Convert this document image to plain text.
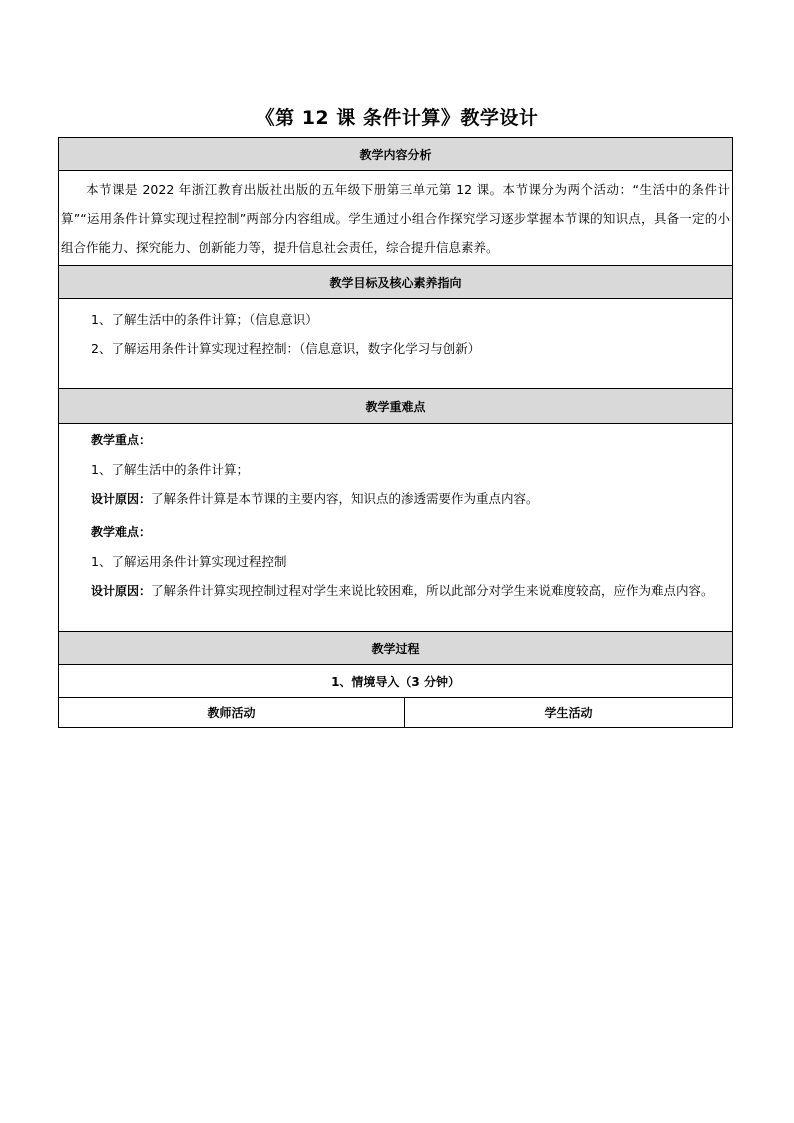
《第 12 课 条件计算》教学设计
教学内容分析

本节课是 2022 年浙江教育出版社出版的五年级下册第三单元第 12 课。本节课分为两个活动：“生活中的条件计算”“运用条件计算实现过程控制”两部分内容组成。学生通过小组合作探究学习逐步掌握本节课的知识点，具备一定的小组合作能力、探究能力、创新能力等，提升信息社会责任，综合提升信息素养。

教学目标及核心素养指向

1、了解生活中的条件计算；（信息意识）
2、了解运用条件计算实现过程控制：（信息意识，数字化学习与创新）

教学重难点

教学重点：
1、了解生活中的条件计算；
设计原因：了解条件计算是本节课的主要内容，知识点的渗透需要作为重点内容。
教学难点：
1、了解运用条件计算实现过程控制
设计原因：了解条件计算实现控制过程对学生来说比较困难，所以此部分对学生来说难度较高，应作为难点内容。

教学过程
1、情境导入（3 分钟）
教师活动	学生活动
